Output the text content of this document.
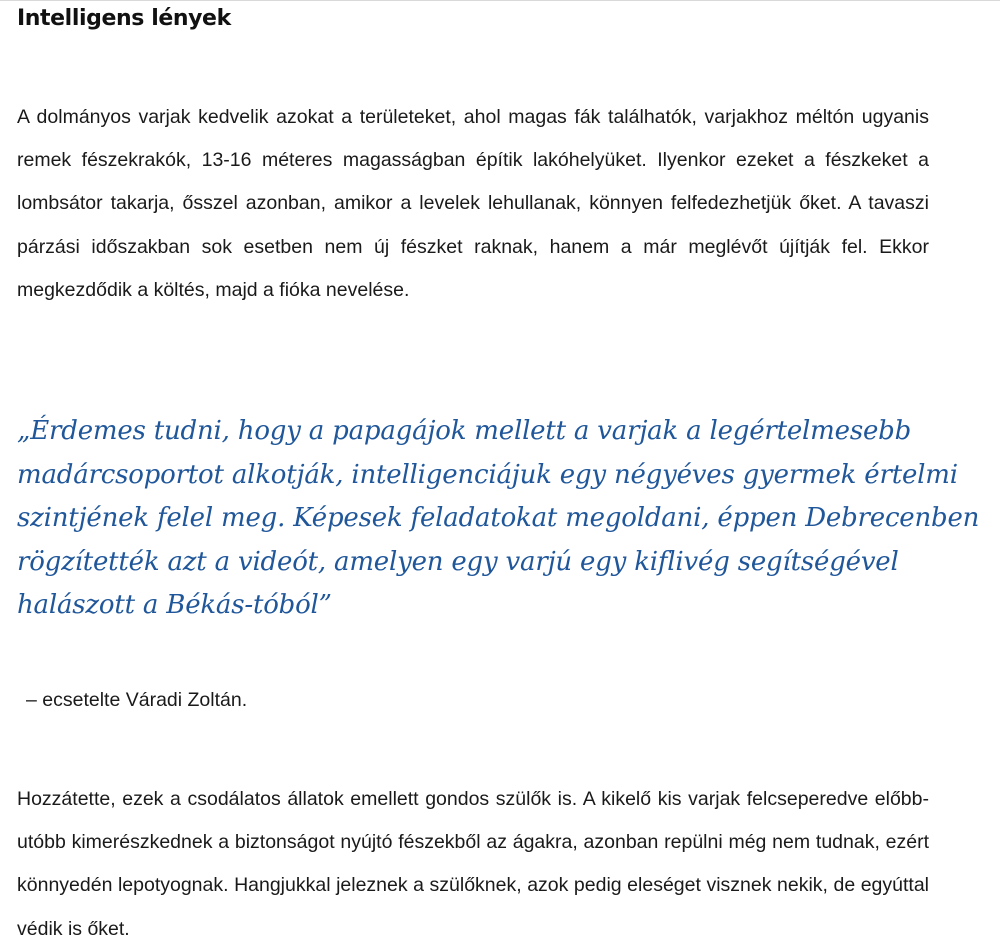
Intelligens lények

A dolmányos varjak kedvelik azokat a területeket, ahol magas fák találhatók, varjakhoz méltón ugyanis remek fészekrakók, 13-16 méteres magasságban építik lakóhelyüket. Ilyenkor ezeket a fészkeket a lombsátor takarja, ősszel azonban, amikor a levelek lehullanak, könnyen felfedezhetjük őket. A tavaszi párzási időszakban sok esetben nem új fészket raknak, hanem a már meglévőt újítják fel. Ekkor megkezdődik a költés, majd a fióka nevelése.

„Érdemes tudni, hogy a papagájok mellett a varjak a legértelmesebb madárcsoportot alkotják, intelligenciájuk egy négyéves gyermek értelmi szintjének felel meg. Képesek feladatokat megoldani, éppen Debrecenben rögzítették azt a videót, amelyen egy varjú egy kiflivég segítségével halászott a Békás-tóból”

– ecsetelte Váradi Zoltán.

Hozzátette, ezek a csodálatos állatok emellett gondos szülők is. A kikelő kis varjak felcseperedve előbb-utóbb kimerészkednek a biztonságot nyújtó fészekből az ágakra, azonban repülni még nem tudnak, ezért könnyedén lepotyognak. Hangjukkal jeleznek a szülőknek, azok pedig eleséget visznek nekik, de egyúttal védik is őket.
